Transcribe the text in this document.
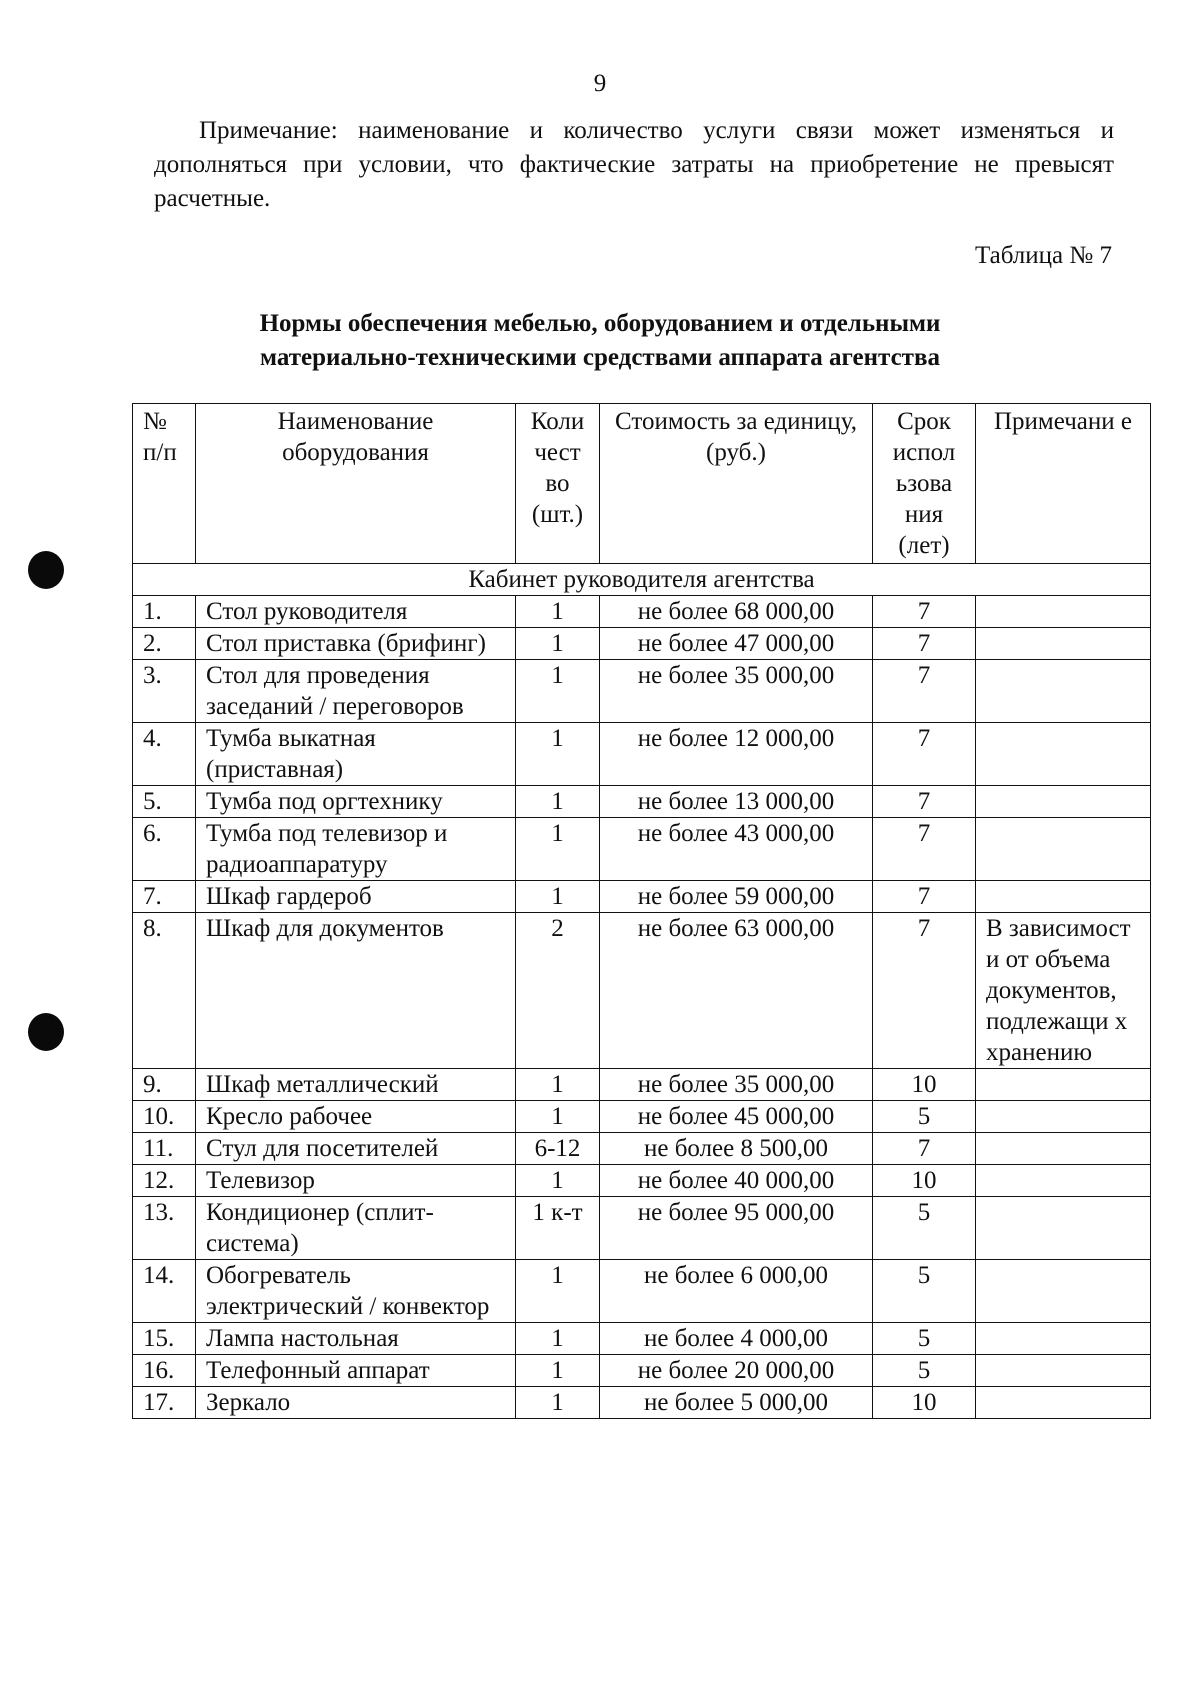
9
Примечание: наименование и количество услуги связи может изменяться и дополняться при условии, что фактические затраты на приобретение не превысят расчетные.
Таблица № 7
Нормы обеспечения мебелью, оборудованием и отдельными
материально-техническими средствами аппарата агентства
№ п/п	Наименование оборудования	Коли чест во (шт.)	Стоимость за единицу, (руб.)	Срок испол ьзова ния (лет)	Примечани е
Кабинет руководителя агентства					
1.	Стол руководителя	1	не более 68 000,00	7	
2.	Стол приставка (брифинг)	1	не более 47 000,00	7	
3.	Стол для проведения заседаний / переговоров	1	не более 35 000,00	7	
4.	Тумба выкатная (приставная)	1	не более 12 000,00	7	
5.	Тумба под оргтехнику	1	не более 13 000,00	7	
6.	Тумба под телевизор и радиоаппаратуру	1	не более 43 000,00	7	
7.	Шкаф гардероб	1	не более 59 000,00	7	
8.	Шкаф для документов	2	не более 63 000,00	7	В зависимост и от объема документов, подлежащи х хранению
9.	Шкаф металлический	1	не более 35 000,00	10	
10.	Кресло рабочее	1	не более 45 000,00	5	
11.	Стул для посетителей	6-12	не более 8 500,00	7	
12.	Телевизор	1	не более 40 000,00	10	
13.	Кондиционер (сплит-система)	1 к-т	не более 95 000,00	5	
14.	Обогреватель электрический / конвектор	1	не более 6 000,00	5	
15.	Лампа настольная	1	не более 4 000,00	5	
16.	Телефонный аппарат	1	не более 20 000,00	5	
17.	Зеркало	1	не более 5 000,00	10	
